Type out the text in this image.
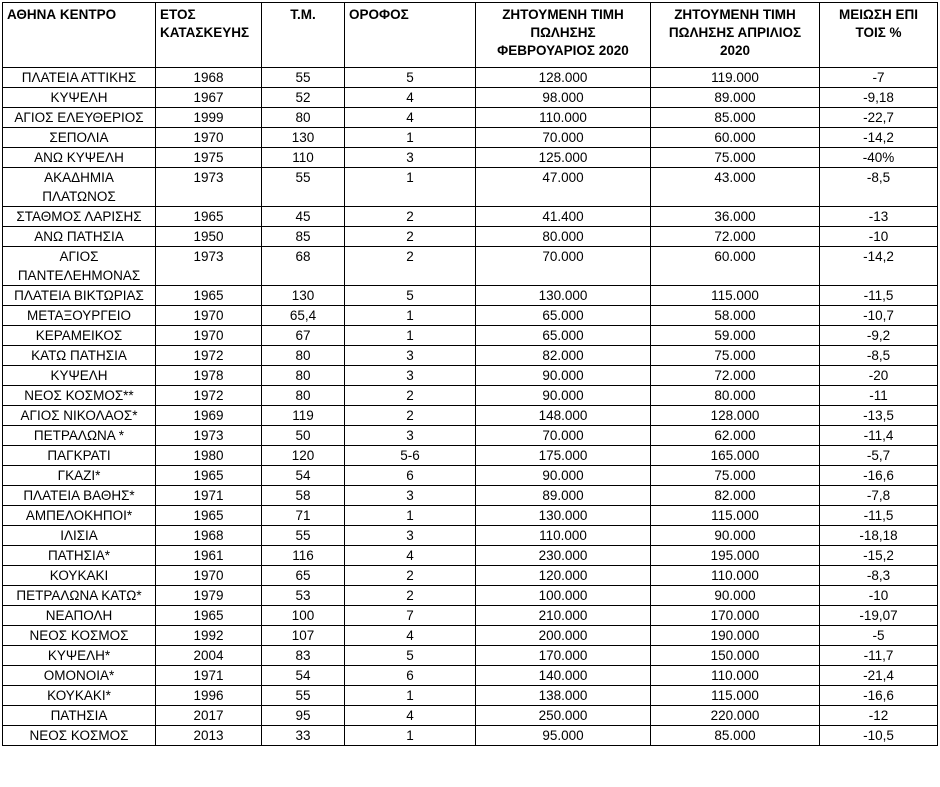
ΑΘΗΝΑ ΚΕΝΤΡΟ	ΕΤΟΣ ΚΑΤΑΣΚΕΥΗΣ	Τ.Μ.	ΟΡΟΦΟΣ	ΖΗΤΟΥΜΕΝΗ ΤΙΜΗ ΠΩΛΗΣΗΣ ΦΕΒΡΟΥΑΡΙΟΣ 2020	ΖΗΤΟΥΜΕΝΗ ΤΙΜΗ ΠΩΛΗΣΗΣ ΑΠΡΙΛΙΟΣ 2020	ΜΕΙΩΣΗ ΕΠΙ ΤΟΙΣ %
ΠΛΑΤΕΙΑ ΑΤΤΙΚΗΣ	1968	55	5	128.000	119.000	-7
ΚΥΨΕΛΗ	1967	52	4	98.000	89.000	-9,18
ΑΓΙΟΣ ΕΛΕΥΘΕΡΙΟΣ	1999	80	4	110.000	85.000	-22,7
ΣΕΠΟΛΙΑ	1970	130	1	70.000	60.000	-14,2
ΑΝΩ ΚΥΨΕΛΗ	1975	110	3	125.000	75.000	-40%
ΑΚΑΔΗΜΙΑ ΠΛΑΤΩΝΟΣ	1973	55	1	47.000	43.000	-8,5
ΣΤΑΘΜΟΣ ΛΑΡΙΣΗΣ	1965	45	2	41.400	36.000	-13
ΑΝΩ ΠΑΤΗΣΙΑ	1950	85	2	80.000	72.000	-10
ΑΓΙΟΣ ΠΑΝΤΕΛΕΗΜΟΝΑΣ	1973	68	2	70.000	60.000	-14,2
ΠΛΑΤΕΙΑ ΒΙΚΤΩΡΙΑΣ	1965	130	5	130.000	115.000	-11,5
ΜΕΤΑΞΟΥΡΓΕΙΟ	1970	65,4	1	65.000	58.000	-10,7
ΚΕΡΑΜΕΙΚΟΣ	1970	67	1	65.000	59.000	-9,2
ΚΑΤΩ ΠΑΤΗΣΙΑ	1972	80	3	82.000	75.000	-8,5
ΚΥΨΕΛΗ	1978	80	3	90.000	72.000	-20
ΝΕΟΣ ΚΟΣΜΟΣ**	1972	80	2	90.000	80.000	-11
ΑΓΙΟΣ ΝΙΚΟΛΑΟΣ*	1969	119	2	148.000	128.000	-13,5
ΠΕΤΡΑΛΩΝΑ *	1973	50	3	70.000	62.000	-11,4
ΠΑΓΚΡΑΤΙ	1980	120	5-6	175.000	165.000	-5,7
ΓΚΑΖΙ*	1965	54	6	90.000	75.000	-16,6
ΠΛΑΤΕΙΑ ΒΑΘΗΣ*	1971	58	3	89.000	82.000	-7,8
ΑΜΠΕΛΟΚΗΠΟΙ*	1965	71	1	130.000	115.000	-11,5
ΙΛΙΣΙΑ	1968	55	3	110.000	90.000	-18,18
ΠΑΤΗΣΙΑ*	1961	116	4	230.000	195.000	-15,2
ΚΟΥΚΑΚΙ	1970	65	2	120.000	110.000	-8,3
ΠΕΤΡΑΛΩΝΑ ΚΑΤΩ*	1979	53	2	100.000	90.000	-10
ΝΕΑΠΟΛΗ	1965	100	7	210.000	170.000	-19,07
ΝΕΟΣ ΚΟΣΜΟΣ	1992	107	4	200.000	190.000	-5
ΚΥΨΕΛΗ*	2004	83	5	170.000	150.000	-11,7
ΟΜΟΝΟΙΑ*	1971	54	6	140.000	110.000	-21,4
ΚΟΥΚΑΚΙ*	1996	55	1	138.000	115.000	-16,6
ΠΑΤΗΣΙΑ	2017	95	4	250.000	220.000	-12
ΝΕΟΣ ΚΟΣΜΟΣ	2013	33	1	95.000	85.000	-10,5
